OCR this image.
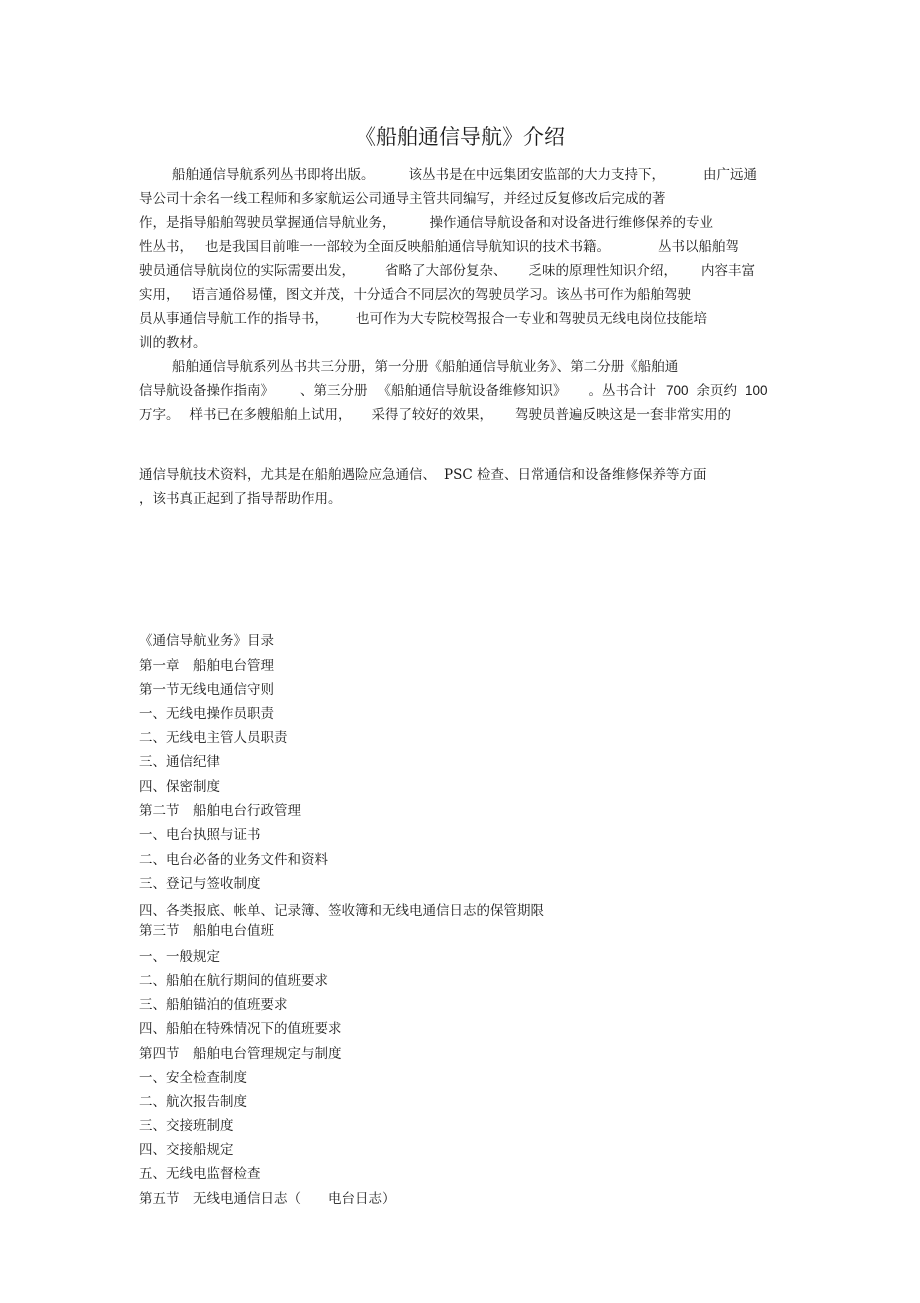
《船舶通信导航》介绍
船舶通信导航系列丛书即将出版。	该丛书是在中远集团安监部的大力支持下，	由广远通
导公司十余名一线工程师和多家航运公司通导主管共同编写，并经过反复修改后完成的著
作，是指导船舶驾驶员掌握通信导航业务，	操作通信导航设备和对设备进行维修保养的专业
性丛书， 也是我国目前唯一一部较为全面反映船舶通信导航知识的技术书籍。	丛书以船舶驾
驶员通信导航岗位的实际需要出发， 省略了大部份复杂、 乏味的原理性知识介绍， 内容丰富
实用， 语言通俗易懂，图文并茂，十分适合不同层次的驾驶员学习。该丛书可作为船舶驾驶
员从事通信导航工作的指导书， 也可作为大专院校驾报合一专业和驾驶员无线电岗位技能培
训的教材。
船舶通信导航系列丛书共三分册，第一分册《船舶通信导航业务》、第二分册《船舶通
信导航设备操作指南》 、第三分册 《船舶通信导航设备维修知识》 。丛书合计 700 余页约 100
万字。 样书已在多艘船舶上试用， 采得了较好的效果， 驾驶员普遍反映这是一套非常实用的
通信导航技术资料，尤其是在船舶遇险应急通信、 PSC 检查、日常通信和设备维修保养等方面
，该书真正起到了指导帮助作用。
《通信导航业务》目录
第一章　船舶电台管理
第一节无线电通信守则
一、无线电操作员职责
二、无线电主管人员职责
三、通信纪律
四、保密制度
第二节　船舶电台行政管理
一、电台执照与证书
二、电台必备的业务文件和资料
三、登记与签收制度
四、各类报底、帐单、记录簿、签收簿和无线电通信日志的保管期限
第三节　船舶电台值班
一、一般规定
二、船舶在航行期间的值班要求
三、船舶锚泊的值班要求
四、船舶在特殊情况下的值班要求
第四节　船舶电台管理规定与制度
一、安全检查制度
二、航次报告制度
三、交接班制度
四、交接船规定
五、无线电监督检查
第五节　无线电通信日志（　　电台日志）
